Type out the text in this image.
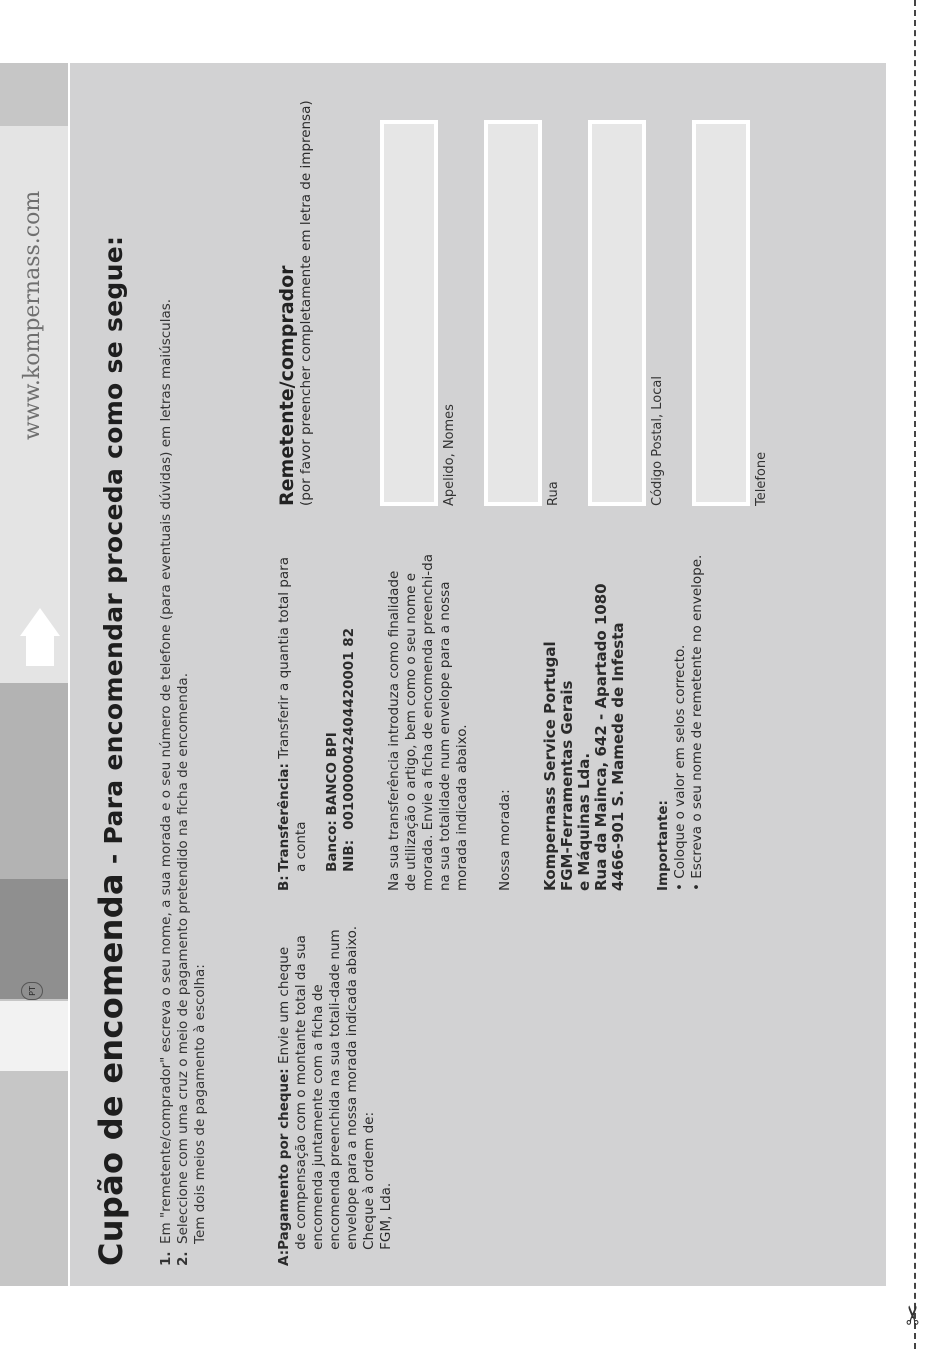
www.kompernass.com
PT Cupão de encomenda - Para encomendar proceda como se segue:
1.Em "remetente/comprador" escreva o seu nome, a sua morada e o seu número de telefone (para eventuais dúvidas) em letras maiúsculas.
2.Seleccione com uma cruz o meio de pagamento pretendido na ficha de encomenda. Tem dois meios de pagamento à escolha:
A:
Pagamento por cheque: Envie um cheque de compensação com o montante total da sua encomenda juntamente com a ficha de encomenda preenchida na sua totali-dade num envelope para a nossa morada indicada abaixo. Cheque à ordem de: FGM, Lda.
B:
Transferência: Transferir a quantia total para a conta Banco: BANCO BPI NIB:0010000042404420001 82 Na sua transferência introduza como finalidade de utilização o artigo, bem como o seu nome e morada. Envie a ficha de encomenda preenchi-da na sua totalidade num envelope para a nossa morada indicada abaixo. Nossa morada: Kompernass Service Portugal FGM-Ferramentas Gerais e Máquinas Lda. Rua da Mainca, 642 - Apartado 1080 4466-901 S. Mamede de Infesta Importante: • Coloque o valor em selos correcto.
• Escreva o seu nome de remetente no envelope.
Remetente/comprador (por favor preencher completamente em letra de imprensa)	Apelido, Nomes	Rua	Código Postal, Local	Telefone
✂
